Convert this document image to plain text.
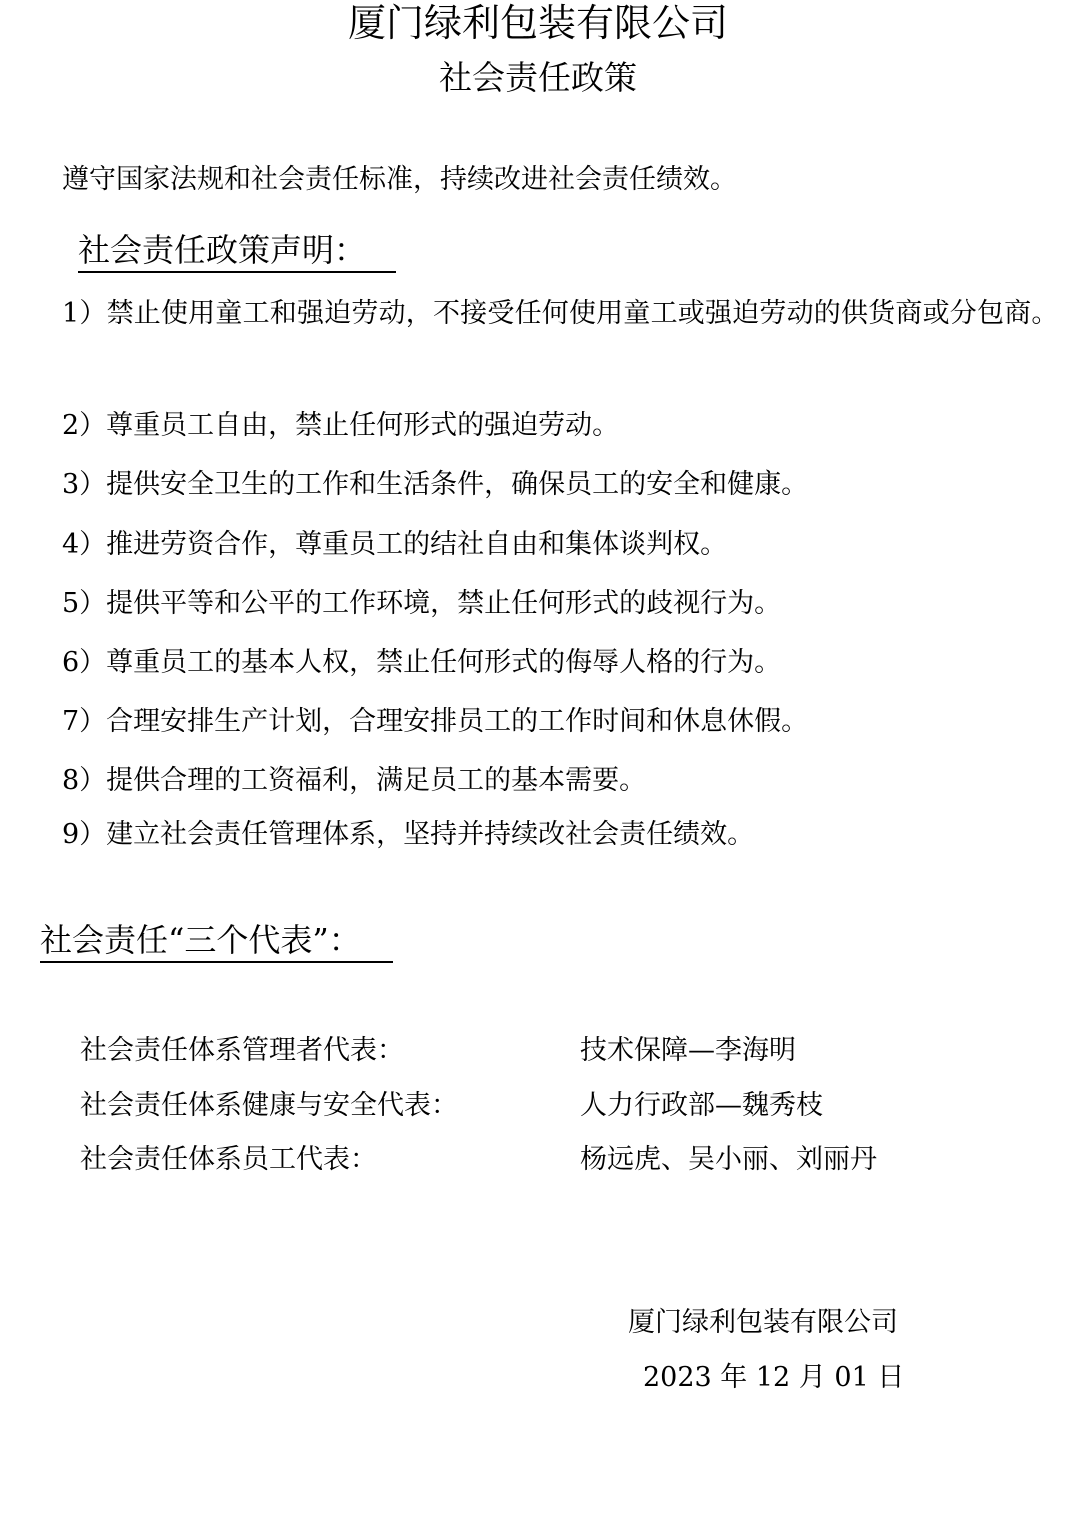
厦门绿利包装有限公司
社会责任政策
遵守国家法规和社会责任标准，持续改进社会责任绩效。
社会责任政策声明：
1）禁止使用童工和强迫劳动，不接受任何使用童工或强迫劳动的供货商或分包商。
2）尊重员工自由，禁止任何形式的强迫劳动。
3）提供安全卫生的工作和生活条件，确保员工的安全和健康。
4）推进劳资合作，尊重员工的结社自由和集体谈判权。
5）提供平等和公平的工作环境，禁止任何形式的歧视行为。
6）尊重员工的基本人权，禁止任何形式的侮辱人格的行为。
7）合理安排生产计划，合理安排员工的工作时间和休息休假。
8）提供合理的工资福利，满足员工的基本需要。
9）建立社会责任管理体系，坚持并持续改社会责任绩效。
社会责任“三个代表”：
社会责任体系管理者代表：	技术保障—李海明
社会责任体系健康与安全代表：	人力行政部—魏秀枝
社会责任体系员工代表：	杨远虎、吴小丽、刘丽丹
厦门绿利包装有限公司
2023 年 12 月 01 日
